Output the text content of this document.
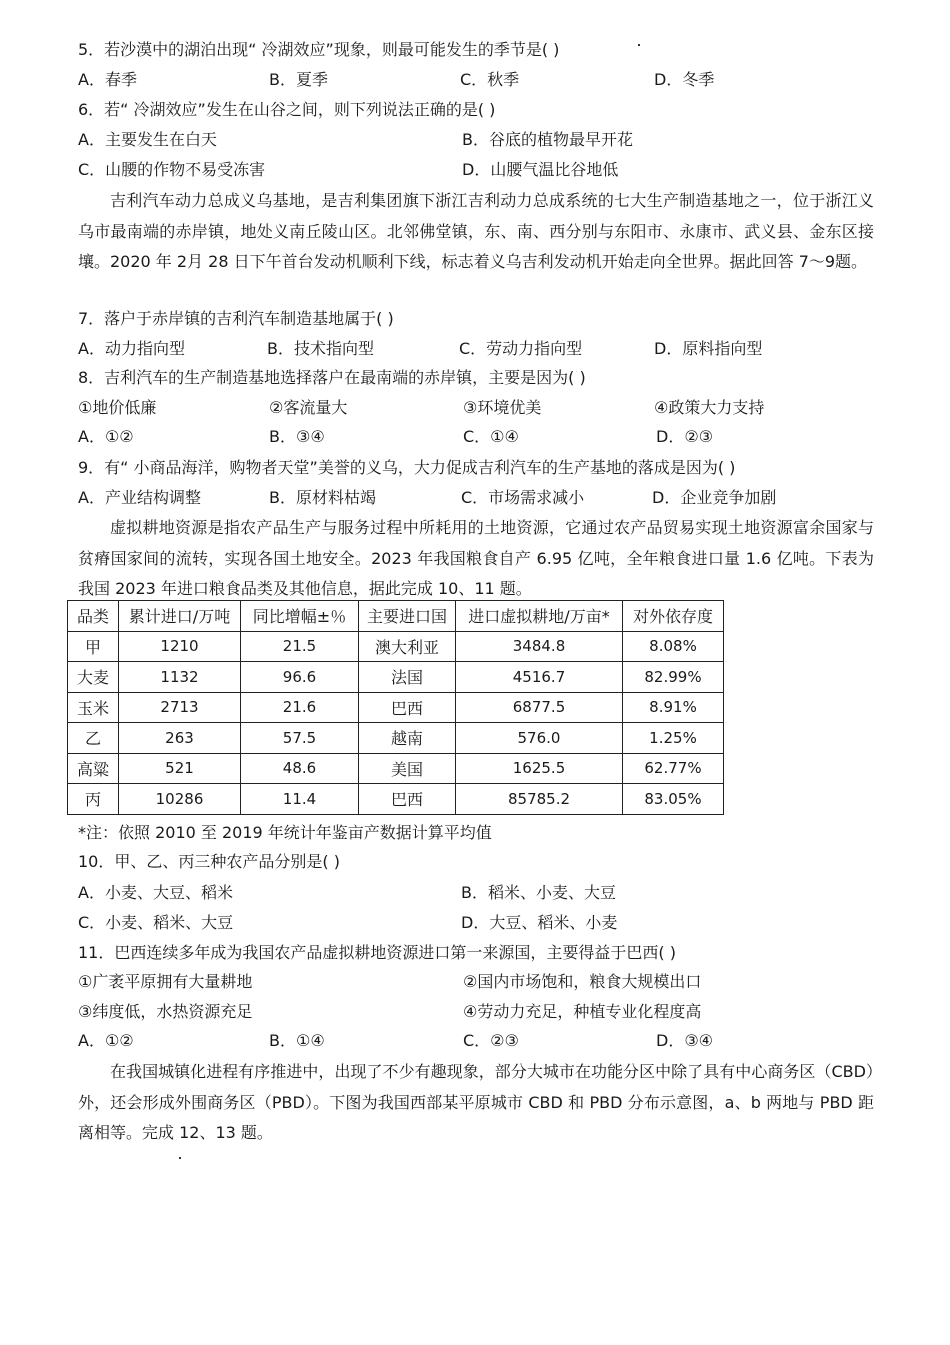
5．若沙漠中的湖泊出现“ 冷湖效应”现象，则最可能发生的季节是( )
A．春季	B．夏季	C．秋季	D．冬季
6．若“ 冷湖效应”发生在山谷之间，则下列说法正确的是( )
A．主要发生在白天	B．谷底的植物最早开花
C．山腰的作物不易受冻害	D．山腰气温比谷地低
吉利汽车动力总成义乌基地，是吉利集团旗下浙江吉利动力总成系统的七大生产制造基地之一，位于浙江义乌市最南端的赤岸镇，地处义南丘陵山区。北邻佛堂镇，东、南、西分别与东阳市、永康市、武义县、金东区接壤。2020 年 2月 28 日下午首台发动机顺利下线，标志着义乌吉利发动机开始走向全世界。据此回答 7～9题。
7．落户于赤岸镇的吉利汽车制造基地属于( )
A．动力指向型	B．技术指向型	C．劳动力指向型	D．原料指向型
8．吉利汽车的生产制造基地选择落户在最南端的赤岸镇，主要是因为( )
①地价低廉	②客流量大	③环境优美	④政策大力支持
A．①②	B．③④	C．①④	D．②③
9．有“ 小商品海洋，购物者天堂”美誉的义乌，大力促成吉利汽车的生产基地的落成是因为( )
A．产业结构调整	B．原材料枯竭	C．市场需求减小	D．企业竞争加剧
虚拟耕地资源是指农产品生产与服务过程中所耗用的土地资源，它通过农产品贸易实现土地资源富余国家与贫瘠国家间的流转，实现各国土地安全。2023 年我国粮食自产 6.95 亿吨，全年粮食进口量 1.6 亿吨。下表为我国 2023 年进口粮食品类及其他信息，据此完成 10、11 题。
品类	累计进口/万吨	同比增幅±％	主要进口国	进口虚拟耕地/万亩*	对外依存度
甲	1210	21.5	澳大利亚	3484.8	8.08%
大麦	1132	96.6	法国	4516.7	82.99%
玉米	2713	21.6	巴西	6877.5	8.91%
乙	263	57.5	越南	576.0	1.25%
高粱	521	48.6	美国	1625.5	62.77%
丙	10286	11.4	巴西	85785.2	83.05%
*注：依照 2010 至 2019 年统计年鉴亩产数据计算平均值
10．甲、乙、丙三种农产品分别是( )
A．小麦、大豆、稻米	B．稻米、小麦、大豆
C．小麦、稻米、大豆	D．大豆、稻米、小麦
11．巴西连续多年成为我国农产品虚拟耕地资源进口第一来源国，主要得益于巴西( )
①广袤平原拥有大量耕地	②国内市场饱和，粮食大规模出口
③纬度低，水热资源充足	④劳动力充足，种植专业化程度高
A．①②	B．①④	C．②③	D．③④
在我国城镇化进程有序推进中，出现了不少有趣现象，部分大城市在功能分区中除了具有中心商务区（CBD）外，还会形成外围商务区（PBD）。下图为我国西部某平原城市 CBD 和 PBD 分布示意图，a、b 两地与 PBD 距离相等。完成 12、13 题。
